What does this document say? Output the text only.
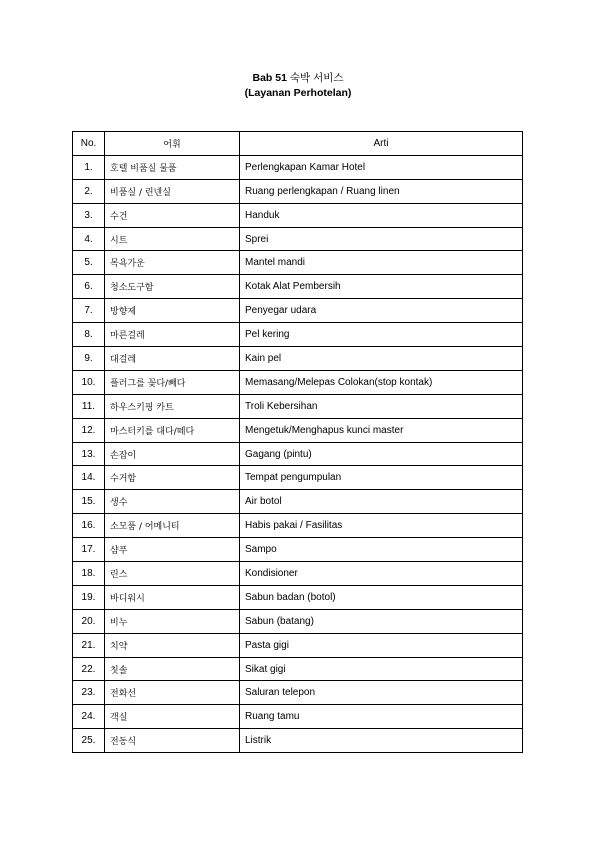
Bab 51 숙박 서비스
(Layanan Perhotelan)
No.	어휘	Arti
1.	호텔 비품실 물품	Perlengkapan Kamar Hotel
2.	비품실 / 린넨실	Ruang perlengkapan / Ruang linen
3.	수건	Handuk
4.	시트	Sprei
5.	목욕가운	Mantel mandi
6.	청소도구함	Kotak Alat Pembersih
7.	방향제	Penyegar udara
8.	마른걸레	Pel kering
9.	대걸레	Kain pel
10.	플러그를 꽂다/빼다	Memasang/Melepas Colokan(stop kontak)
11.	하우스키핑 카트	Troli Kebersihan
12.	마스터키를 대다/떼다	Mengetuk/Menghapus kunci master
13.	손잡이	Gagang (pintu)
14.	수거함	Tempat pengumpulan
15.	생수	Air botol
16.	소모품 / 어메니티	Habis pakai / Fasilitas
17.	샴푸	Sampo
18.	린스	Kondisioner
19.	바디워시	Sabun badan (botol)
20.	비누	Sabun (batang)
21.	치약	Pasta gigi
22.	칫솔	Sikat gigi
23.	전화선	Saluran telepon
24.	객실	Ruang tamu
25.	전동식	Listrik
